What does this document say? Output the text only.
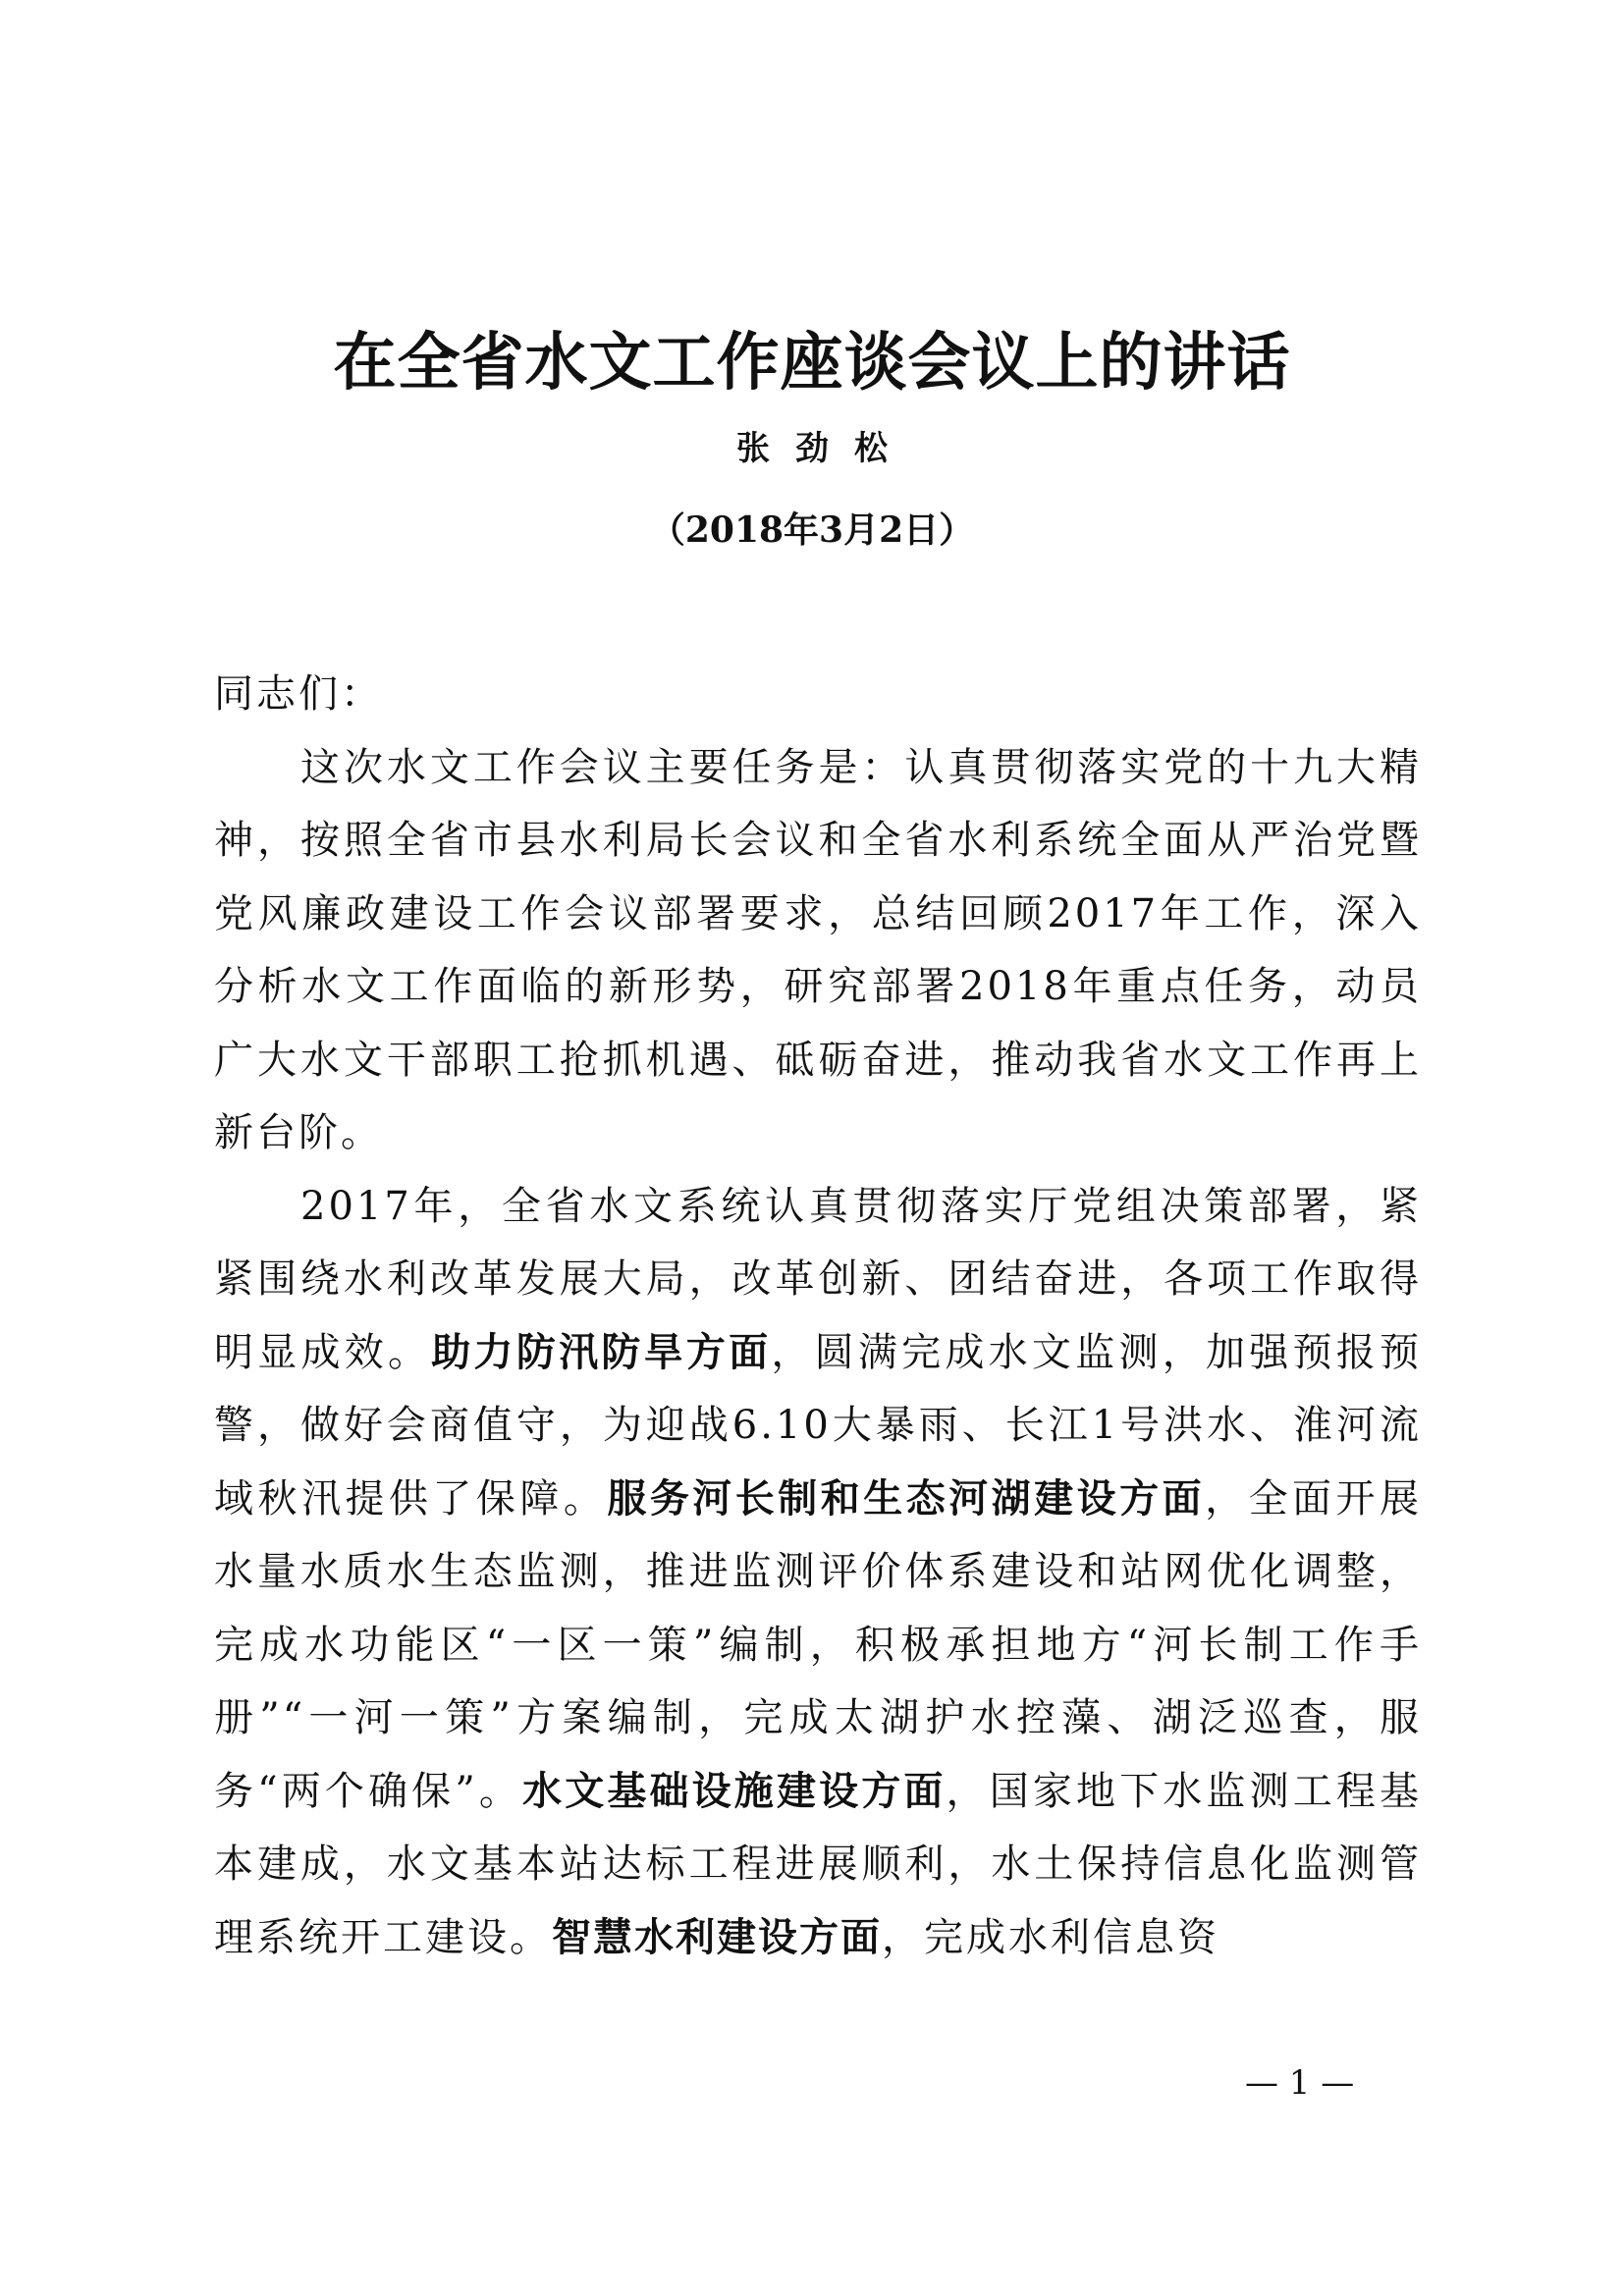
在全省水文工作座谈会议上的讲话
张劲松
（2018年3月2日）

同志们：

这次水文工作会议主要任务是：认真贯彻落实党的十九大精神，按照全省市县水利局长会议和全省水利系统全面从严治党暨党风廉政建设工作会议部署要求，总结回顾2017年工作，深入分析水文工作面临的新形势，研究部署2018年重点任务，动员广大水文干部职工抢抓机遇、砥砺奋进，推动我省水文工作再上新台阶。

2017年，全省水文系统认真贯彻落实厅党组决策部署，紧紧围绕水利改革发展大局，改革创新、团结奋进，各项工作取得明显成效。助力防汛防旱方面，圆满完成水文监测，加强预报预警，做好会商值守，为迎战6.10大暴雨、长江1号洪水、淮河流域秋汛提供了保障。服务河长制和生态河湖建设方面，全面开展水量水质水生态监测，推进监测评价体系建设和站网优化调整，完成水功能区“一区一策”编制，积极承担地方“河长制工作手册”“一河一策”方案编制，完成太湖护水控藻、湖泛巡查，服务“两个确保”。水文基础设施建设方面，国家地下水监测工程基本建成，水文基本站达标工程进展顺利，水土保持信息化监测管理系统开工建设。智慧水利建设方面，完成水利信息资

— 1 —
